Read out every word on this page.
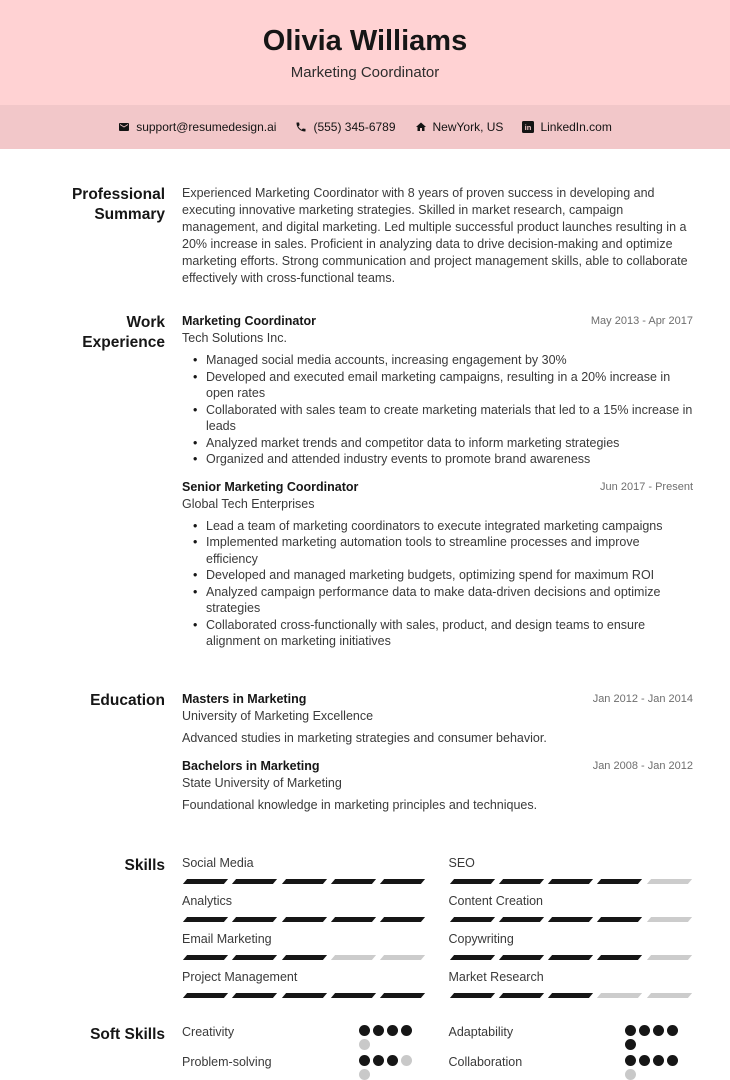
Olivia Williams
Marketing Coordinator
support@resumedesign.ai	(555) 345-6789	NewYork, US	in LinkedIn.com
Professional Summary
Experienced Marketing Coordinator with 8 years of proven success in developing and executing innovative marketing strategies. Skilled in market research, campaign management, and digital marketing. Led multiple successful product launches resulting in a 20% increase in sales. Proficient in analyzing data to drive decision-making and optimize marketing efforts. Strong communication and project management skills, able to collaborate effectively with cross-functional teams.
Work Experience
Marketing Coordinator
Tech Solutions Inc.
May 2013 - Apr 2017
• Managed social media accounts, increasing engagement by 30%
• Developed and executed email marketing campaigns, resulting in a 20% increase in open rates
• Collaborated with sales team to create marketing materials that led to a 15% increase in leads
• Analyzed market trends and competitor data to inform marketing strategies
• Organized and attended industry events to promote brand awareness
Senior Marketing Coordinator
Global Tech Enterprises
Jun 2017 - Present
• Lead a team of marketing coordinators to execute integrated marketing campaigns
• Implemented marketing automation tools to streamline processes and improve efficiency
• Developed and managed marketing budgets, optimizing spend for maximum ROI
• Analyzed campaign performance data to make data-driven decisions and optimize strategies
• Collaborated cross-functionally with sales, product, and design teams to ensure alignment on marketing initiatives
Education Masters in Marketing
University of Marketing Excellence
Jan 2012 - Jan 2014
Advanced studies in marketing strategies and consumer behavior.
Bachelors in Marketing
State University of Marketing
Jan 2008 - Jan 2012
Foundational knowledge in marketing principles and techniques.
Skills Social Media	SEO
Analytics	Content Creation
Email Marketing	Copywriting
Project Management	Market Research
Soft Skills Creativity	Adaptability
Problem-solving	Collaboration
